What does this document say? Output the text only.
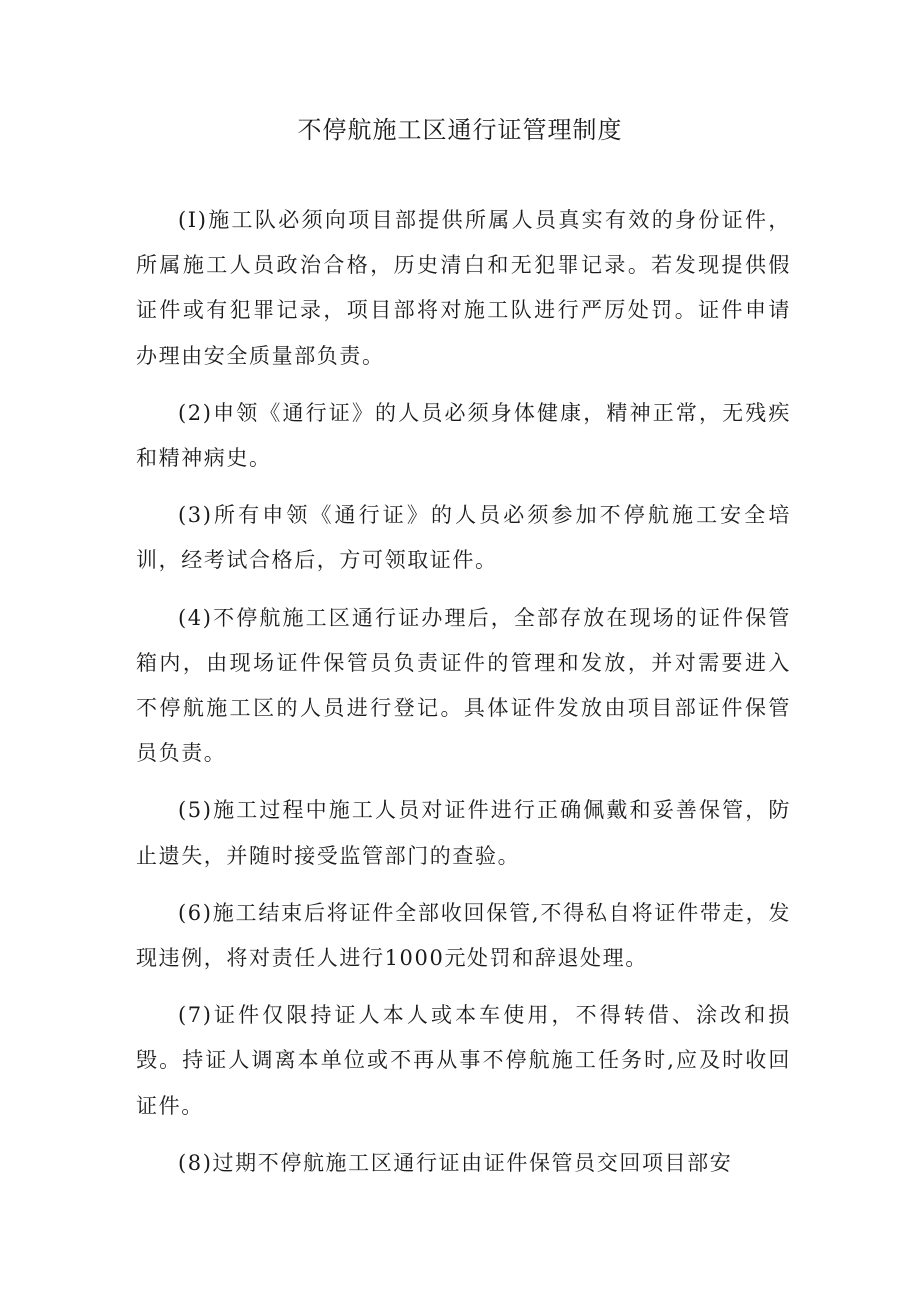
不停航施工区通行证管理制度

(I)施工队必须向项目部提供所属人员真实有效的身份证件，所属施工人员政治合格，历史清白和无犯罪记录。若发现提供假证件或有犯罪记录，项目部将对施工队进行严厉处罚。证件申请办理由安全质量部负责。

(2)申领《通行证》的人员必须身体健康，精神正常，无残疾和精神病史。

(3)所有申领《通行证》的人员必须参加不停航施工安全培训，经考试合格后，方可领取证件。

(4)不停航施工区通行证办理后，全部存放在现场的证件保管箱内，由现场证件保管员负责证件的管理和发放，并对需要进入不停航施工区的人员进行登记。具体证件发放由项目部证件保管员负责。

(5)施工过程中施工人员对证件进行正确佩戴和妥善保管，防止遗失，并随时接受监管部门的查验。

(6)施工结束后将证件全部收回保管,不得私自将证件带走，发现违例，将对责任人进行1000元处罚和辞退处理。

(7)证件仅限持证人本人或本车使用，不得转借、涂改和损毁。持证人调离本单位或不再从事不停航施工任务时,应及时收回证件。

(8)过期不停航施工区通行证由证件保管员交回项目部安
